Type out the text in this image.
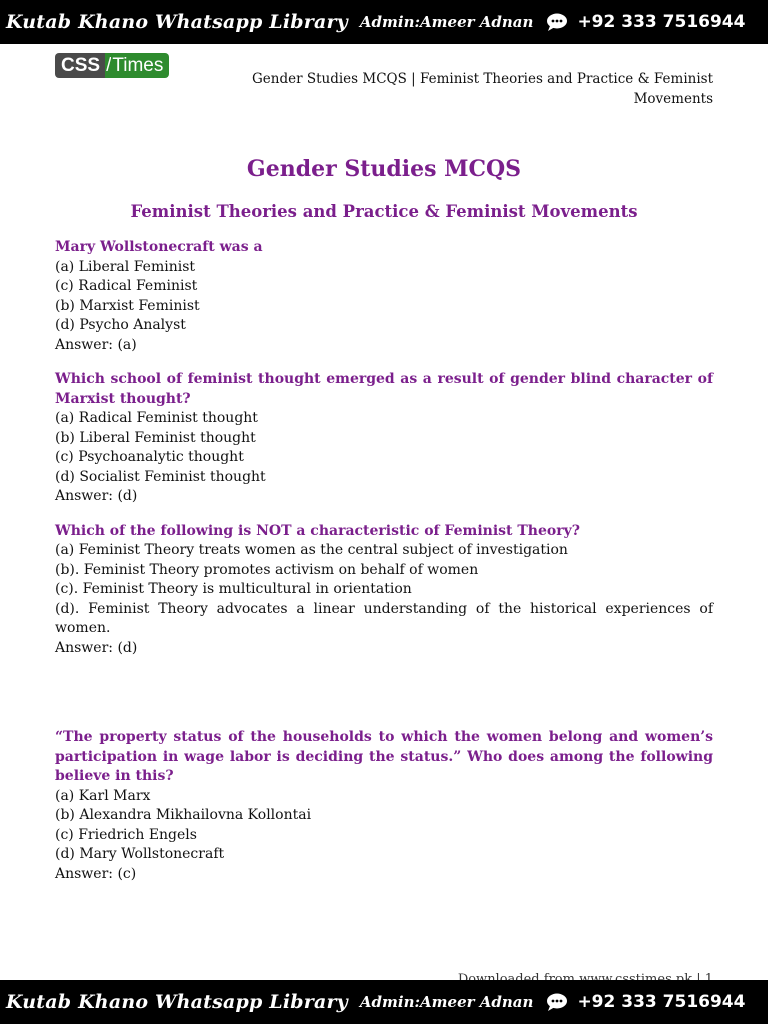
Kutab Khano Whatsapp Library Admin:Ameer Adnan	+92 333 7516944
CSS / Times
Gender Studies MCQS | Feminist Theories and Practice & Feminist Movements
Gender Studies MCQS
Feminist Theories and Practice & Feminist Movements

Mary Wollstonecraft was a

(a) Liberal Feminist

(c) Radical Feminist

(b) Marxist Feminist

(d) Psycho Analyst

Answer: (a)

Which school of feminist thought emerged as a result of gender blind character of Marxist thought?

(a) Radical Feminist thought

(b) Liberal Feminist thought

(c) Psychoanalytic thought

(d) Socialist Feminist thought

Answer: (d)

Which of the following is NOT a characteristic of Feminist Theory?

(a) Feminist Theory treats women as the central subject of investigation

(b). Feminist Theory promotes activism on behalf of women

(c). Feminist Theory is multicultural in orientation

(d). Feminist Theory advocates a linear understanding of the historical experiences of women.

Answer: (d)

“The property status of the households to which the women belong and women’s participation in wage labor is deciding the status.” Who does among the following believe in this?

(a) Karl Marx

(b) Alexandra Mikhailovna Kollontai

(c) Friedrich Engels

(d) Mary Wollstonecraft

Answer: (c)

Kutab Khano Whatsapp Library Admin:Ameer Adnan	+92 333 7516944
